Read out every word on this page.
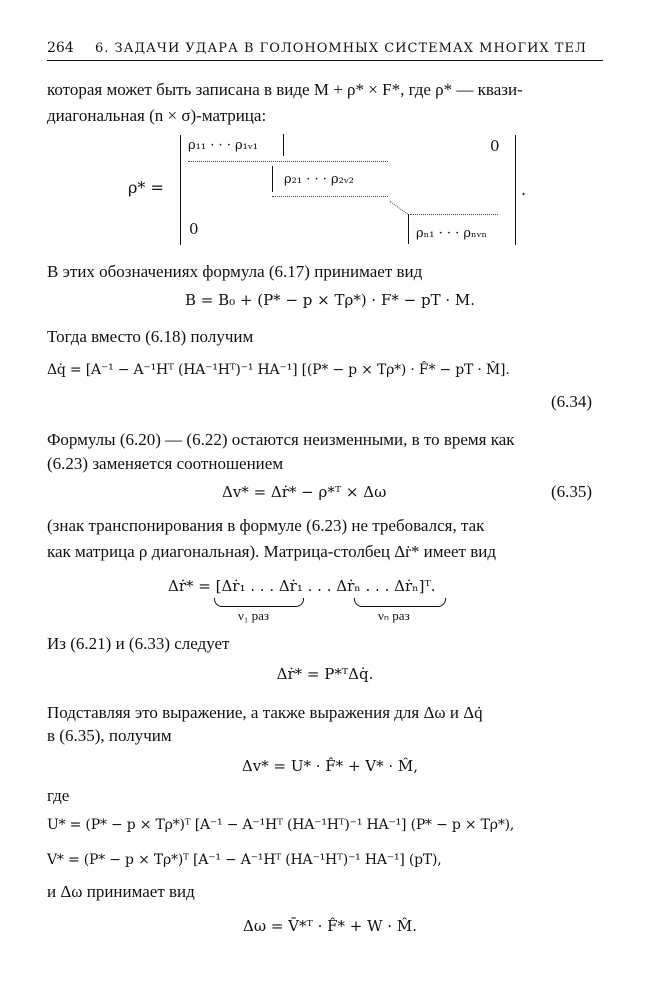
264 6. ЗАДАЧИ УДАРА В ГОЛОНОМНЫХ СИСТЕМАХ МНОГИХ ТЕЛ
которая может быть записана в виде M + ρ* × F*, где ρ* — квази-
диагональная (n × σ)-матрица:
ρ* =	.
ρ₁₁ · · · ρ₁ᵥ₁	0
ρ₂₁ · · · ρ₂ᵥ₂
0	ρₙ₁ · · · ρₙᵥₙ
В этих обозначениях формула (6.17) принимает вид
B = B₀ + (P* − p × Tρ*) · F* − pT · M.
Тогда вместо (6.18) получим
Δq̇ = [A⁻¹ − A⁻¹Hᵀ (HA⁻¹Hᵀ)⁻¹ HA⁻¹] [(P* − p × Tρ*) · F̂* − pT · M̂].
(6.34)
Формулы (6.20) — (6.22) остаются неизменными, в то время как
(6.23) заменяется соотношением
Δv* = Δṙ* − ρ*ᵀ × Δω	(6.35)
(знак транспонирования в формуле (6.23) не требовался, так
как матрица ρ диагональная). Матрица-столбец Δṙ* имеет вид
Δṙ* = [Δṙ₁ . . . Δṙ₁ . . . Δṙₙ . . . Δṙₙ]ᵀ.
ν₁ раз	νₙ раз
Из (6.21) и (6.33) следует
Δṙ* = P*ᵀΔq̇.
Подставляя это выражение, а также выражения для Δω и Δq̇
в (6.35), получим
Δv* = U* · F̂* + V* · M̂,
где
U* = (P* − p × Tρ*)ᵀ [A⁻¹ − A⁻¹Hᵀ (HA⁻¹Hᵀ)⁻¹ HA⁻¹] (P* − p × Tρ*),
V* = (P* − p × Tρ*)ᵀ [A⁻¹ − A⁻¹Hᵀ (HA⁻¹Hᵀ)⁻¹ HA⁻¹] (pT),
и Δω принимает вид
Δω = V̄*ᵀ · F̂* + W · M̂.
